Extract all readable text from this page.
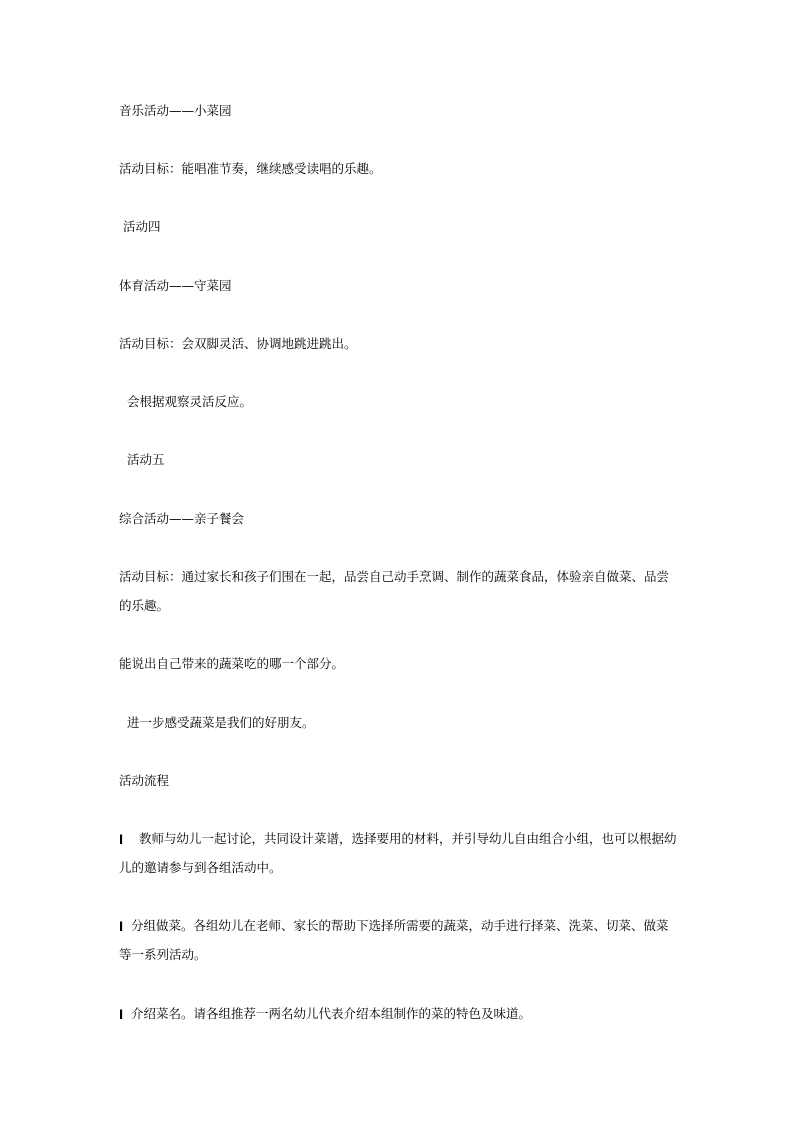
音乐活动——小菜园
活动目标：能唱准节奏，继续感受读唱的乐趣。
活动四
体育活动——守菜园
活动目标：会双脚灵活、协调地跳进跳出。
会根据观察灵活反应。
活动五
综合活动——亲子餐会
活动目标：通过家长和孩子们围在一起，品尝自己动手烹调、制作的蔬菜食品，体验亲自做菜、品尝的乐趣。
能说出自己带来的蔬菜吃的哪一个部分。
进一步感受蔬菜是我们的好朋友。
活动流程
l  教师与幼儿一起讨论，共同设计菜谱，选择要用的材料，并引导幼儿自由组合小组，也可以根据幼儿的邀请参与到各组活动中。
l分组做菜。各组幼儿在老师、家长的帮助下选择所需要的蔬菜，动手进行择菜、洗菜、切菜、做菜等一系列活动。
l介绍菜名。请各组推荐一两名幼儿代表介绍本组制作的菜的特色及味道。
